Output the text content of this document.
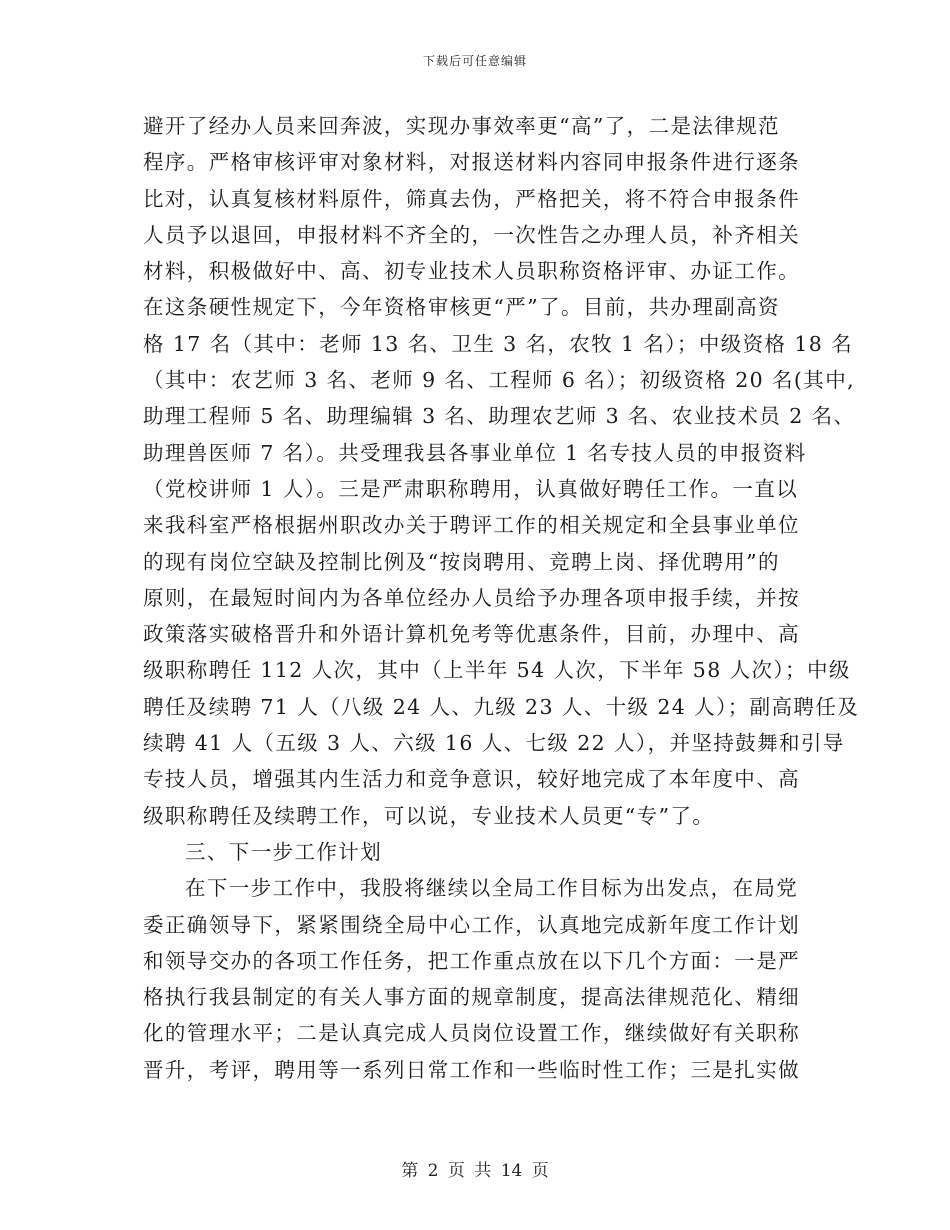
下载后可任意编辑
避开了经办人员来回奔波，实现办事效率更“高”了，二是法律规范
程序。严格审核评审对象材料，对报送材料内容同申报条件进行逐条
比对，认真复核材料原件，筛真去伪，严格把关，将不符合申报条件
人员予以退回，申报材料不齐全的，一次性告之办理人员，补齐相关
材料，积极做好中、高、初专业技术人员职称资格评审、办证工作。
在这条硬性规定下，今年资格审核更“严”了。目前，共办理副高资
格 17 名（其中：老师 13 名、卫生 3 名，农牧 1 名）；中级资格 18 名
（其中：农艺师 3 名、老师 9 名、工程师 6 名）；初级资格 20 名(其中,
助理工程师 5 名、助理编辑 3 名、助理农艺师 3 名、农业技术员 2 名、
助理兽医师 7 名）。共受理我县各事业单位 1 名专技人员的申报资料
（党校讲师 1 人）。三是严肃职称聘用，认真做好聘任工作。一直以
来我科室严格根据州职改办关于聘评工作的相关规定和全县事业单位
的现有岗位空缺及控制比例及“按岗聘用、竞聘上岗、择优聘用”的
原则，在最短时间内为各单位经办人员给予办理各项申报手续，并按
政策落实破格晋升和外语计算机免考等优惠条件，目前，办理中、高
级职称聘任 112 人次，其中（上半年 54 人次，下半年 58 人次）；中级
聘任及续聘 71 人（八级 24 人、九级 23 人、十级 24 人）；副高聘任及
续聘 41 人（五级 3 人、六级 16 人、七级 22 人），并坚持鼓舞和引导
专技人员，增强其内生活力和竞争意识，较好地完成了本年度中、高
级职称聘任及续聘工作，可以说，专业技术人员更“专”了。
三、下一步工作计划
在下一步工作中，我股将继续以全局工作目标为出发点，在局党
委正确领导下，紧紧围绕全局中心工作，认真地完成新年度工作计划
和领导交办的各项工作任务，把工作重点放在以下几个方面：一是严
格执行我县制定的有关人事方面的规章制度，提高法律规范化、精细
化的管理水平；二是认真完成人员岗位设置工作，继续做好有关职称
晋升，考评，聘用等一系列日常工作和一些临时性工作；三是扎实做
第 2 页 共 14 页
